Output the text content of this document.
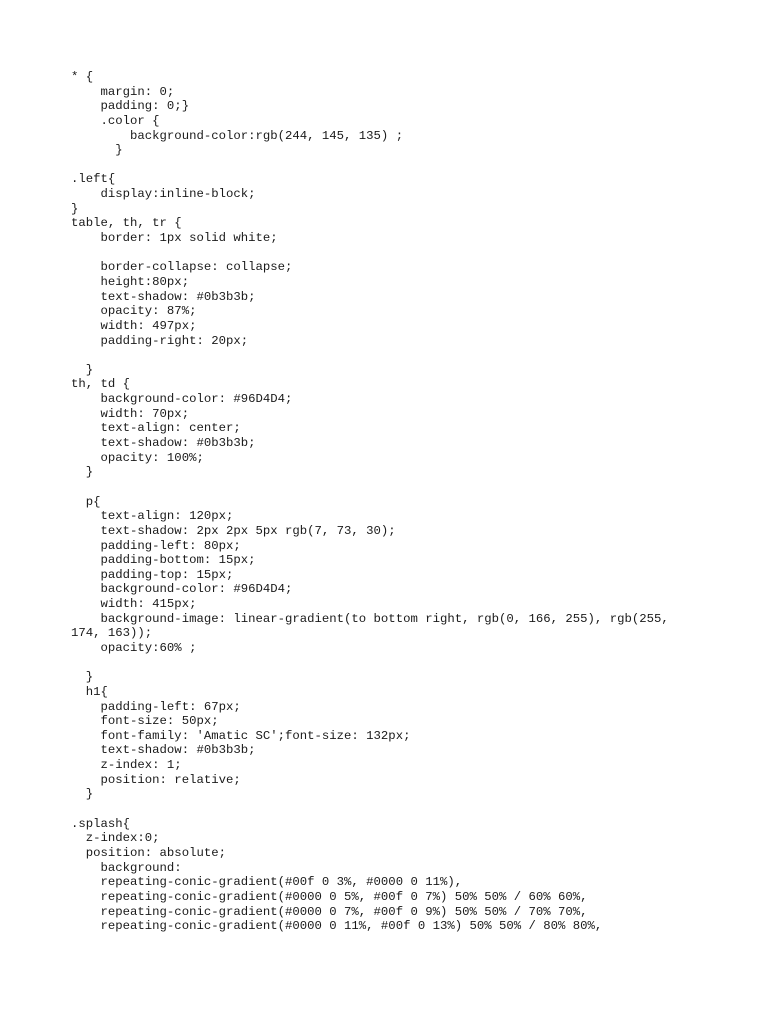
* {
margin: 0;
padding: 0;}
.color {
background-color:rgb(244, 145, 135) ;
}
.left{
display:inline-block;
}
table, th, tr {
border: 1px solid white;
border-collapse: collapse;
height:80px;
text-shadow: #0b3b3b;
opacity: 87%;
width: 497px;
padding-right: 20px;
}
th, td {
background-color: #96D4D4;
width: 70px;
text-align: center;
text-shadow: #0b3b3b;
opacity: 100%;
}
p{
text-align: 120px;
text-shadow: 2px 2px 5px rgb(7, 73, 30);
padding-left: 80px;
padding-bottom: 15px;
padding-top: 15px;
background-color: #96D4D4;
width: 415px;
background-image: linear-gradient(to bottom right, rgb(0, 166, 255), rgb(255,
174, 163));
opacity:60% ;
}
h1{
padding-left: 67px;
font-size: 50px;
font-family: 'Amatic SC';font-size: 132px;
text-shadow: #0b3b3b;
z-index: 1;
position: relative;
}
.splash{
z-index:0;
position: absolute;
background:
repeating-conic-gradient(#00f 0 3%, #0000 0 11%),
repeating-conic-gradient(#0000 0 5%, #00f 0 7%) 50% 50% / 60% 60%,
repeating-conic-gradient(#0000 0 7%, #00f 0 9%) 50% 50% / 70% 70%,
repeating-conic-gradient(#0000 0 11%, #00f 0 13%) 50% 50% / 80% 80%,
